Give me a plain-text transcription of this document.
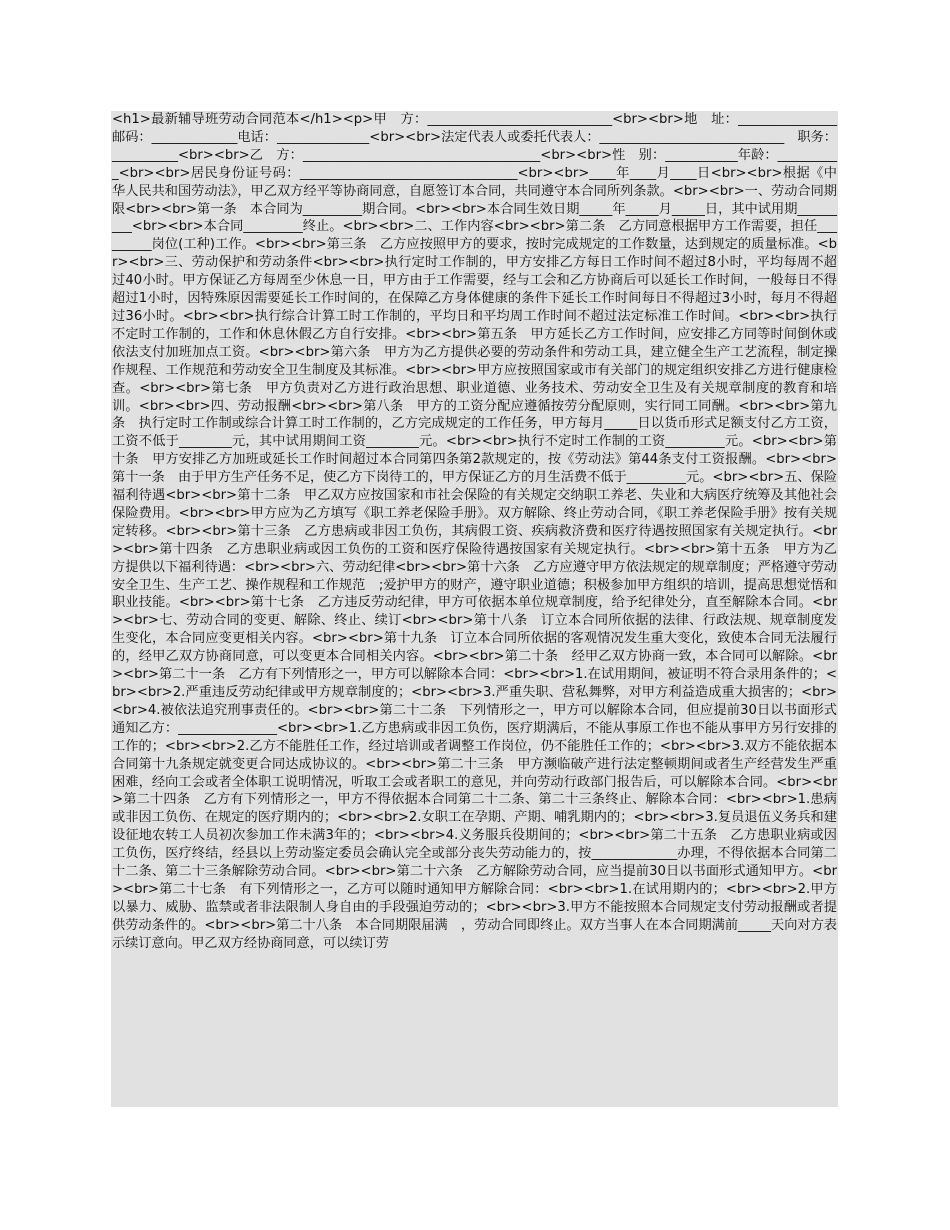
<h1>最新辅导班劳动合同范本</h1><p>甲　方：____________________________<br><br>地　址：_______________邮码：_____________电话：______________<br><br>法定代表人或委托代表人：____________________________　职务：__________<br><br>乙　方：____________________________________<br><br>性　别：___________年龄：__________<br><br>居民身份证号码：_________________________________<br><br>____年____月____日<br><br>根据《中华人民共和国劳动法》，甲乙双方经平等协商同意，自愿签订本合同，共同遵守本合同所列条款。<br><br>一、劳动合同期限<br><br>第一条　本合同为_________期合同。<br><br>本合同生效日期_____年_____月_____日，其中试用期_________<br><br>本合同_________终止。<br><br>二、工作内容<br><br>第二条　乙方同意根据甲方工作需要，担任_________岗位(工种)工作。<br><br>第三条　乙方应按照甲方的要求，按时完成规定的工作数量，达到规定的质量标准。<br><br>三、劳动保护和劳动条件<br><br>执行定时工作制的，甲方安排乙方每日工作时间不超过8小时，平均每周不超过40小时。甲方保证乙方每周至少休息一日，甲方由于工作需要，经与工会和乙方协商后可以延长工作时间，一般每日不得超过1小时，因特殊原因需要延长工作时间的，在保障乙方身体健康的条件下延长工作时间每日不得超过3小时，每月不得超过36小时。<br><br>执行综合计算工时工作制的，平均日和平均周工作时间不超过法定标准工作时间。<br><br>执行不定时工作制的，工作和休息休假乙方自行安排。<br><br>第五条　甲方延长乙方工作时间，应安排乙方同等时间倒休或依法支付加班加点工资。<br><br>第六条　甲方为乙方提供必要的劳动条件和劳动工具，建立健全生产工艺流程，制定操作规程、工作规范和劳动安全卫生制度及其标准。<br><br>甲方应按照国家或市有关部门的规定组织安排乙方进行健康检查。<br><br>第七条　甲方负责对乙方进行政治思想、职业道德、业务技术、劳动安全卫生及有关规章制度的教育和培训。<br><br>四、劳动报酬<br><br>第八条　甲方的工资分配应遵循按劳分配原则，实行同工同酬。<br><br>第九条　执行定时工作制或综合计算工时工作制的，乙方完成规定的工作任务，甲方每月_____日以货币形式足额支付乙方工资，工资不低于________元，其中试用期间工资________元。<br><br>执行不定时工作制的工资_________元。<br><br>第十条　甲方安排乙方加班或延长工作时间超过本合同第四条第2款规定的，按《劳动法》第44条支付工资报酬。<br><br>第十一条　由于甲方生产任务不足，使乙方下岗待工的，甲方保证乙方的月生活费不低于_________元。<br><br>五、保险福利待遇<br><br>第十二条　甲乙双方应按国家和市社会保险的有关规定交纳职工养老、失业和大病医疗统筹及其他社会保险费用。<br><br>甲方应为乙方填写《职工养老保险手册》。双方解除、终止劳动合同，《职工养老保险手册》按有关规定转移。<br><br>第十三条　乙方患病或非因工负伤，其病假工资、疾病救济费和医疗待遇按照国家有关规定执行。<br><br>第十四条　乙方患职业病或因工负伤的工资和医疗保险待遇按国家有关规定执行。<br><br>第十五条　甲方为乙方提供以下福利待遇：<br><br>六、劳动纪律<br><br>第十六条　乙方应遵守甲方依法规定的规章制度；严格遵守劳动安全卫生、生产工艺、操作规程和工作规范　;爱护甲方的财产，遵守职业道德；积极参加甲方组织的培训，提高思想觉悟和职业技能。<br><br>第十七条　乙方违反劳动纪律，甲方可依据本单位规章制度，给予纪律处分，直至解除本合同。<br><br>七、劳动合同的变更、解除、终止、续订<br><br>第十八条　订立本合同所依据的法律、行政法规、规章制度发生变化，本合同应变更相关内容。<br><br>第十九条　订立本合同所依据的客观情况发生重大变化，致使本合同无法履行的，经甲乙双方协商同意，可以变更本合同相关内容。<br><br>第二十条　经甲乙双方协商一致，本合同可以解除。<br><br>第二十一条　乙方有下列情形之一，甲方可以解除本合同：<br><br>1.在试用期间，被证明不符合录用条件的；<br><br>2.严重违反劳动纪律或甲方规章制度的；<br><br>3.严重失职、营私舞弊，对甲方利益造成重大损害的；<br><br>4.被依法追究刑事责任的。<br><br>第二十二条　下列情形之一，甲方可以解除本合同，但应提前30日以书面形式通知乙方：_______________<br><br>1.乙方患病或非因工负伤，医疗期满后，不能从事原工作也不能从事甲方另行安排的工作的；<br><br>2.乙方不能胜任工作，经过培训或者调整工作岗位，仍不能胜任工作的；<br><br>3.双方不能依据本合同第十九条规定就变更合同达成协议的。<br><br>第二十三条　甲方濒临破产进行法定整顿期间或者生产经营发生严重困难，经向工会或者全体职工说明情况，听取工会或者职工的意见，并向劳动行政部门报告后，可以解除本合同。<br><br>第二十四条　乙方有下列情形之一，甲方不得依据本合同第二十二条、第二十三条终止、解除本合同：<br><br>1.患病或非因工负伤、在规定的医疗期内的；<br><br>2.女职工在孕期、产期、哺乳期内的；<br><br>3.复员退伍义务兵和建设征地农转工人员初次参加工作未满3年的；<br><br>4.义务服兵役期间的；<br><br>第二十五条　乙方患职业病或因工负伤，医疗终结，经县以上劳动鉴定委员会确认完全或部分丧失劳动能力的，按_____________办理，不得依据本合同第二十二条、第二十三条解除劳动合同。<br><br>第二十六条　乙方解除劳动合同，应当提前30日以书面形式通知甲方。<br><br>第二十七条　有下列情形之一，乙方可以随时通知甲方解除合同：<br><br>1.在试用期内的；<br><br>2.甲方以暴力、威胁、监禁或者非法限制人身自由的手段强迫劳动的；<br><br>3.甲方不能按照本合同规定支付劳动报酬或者提供劳动条件的。<br><br>第二十八条　本合同期限届满　，劳动合同即终止。双方当事人在本合同期满前_____天向对方表示续订意向。甲乙双方经协商同意，可以续订劳
